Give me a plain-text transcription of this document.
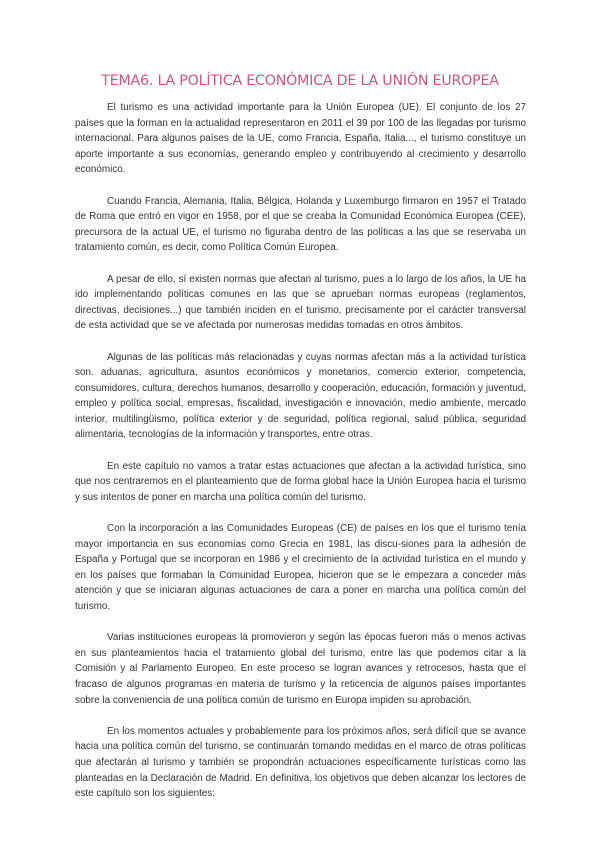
TEMA6. LA POLÍTICA ECONÓMICA DE LA UNIÓN EUROPEA

El turismo es una actividad importante para la Unión Europea (UE). El conjunto de los 27 países que la forman en la actualidad representaron en 2011 el 39 por 100 de las llegadas por turismo internacional. Para algunos países de la UE, como Francia, España, Italia..., el turismo constituye un aporte importante a sus economías, generando empleo y contribuyendo al crecimiento y desarrollo económico.

Cuando Francia, Alemania, Italia, Bélgica, Holanda y Luxemburgo firmaron en 1957 el Tratado de Roma que entró en vigor en 1958, por el que se creaba la Comunidad Económica Europea (CEE), precursora de la actual UE, el turismo no figuraba dentro de las políticas a las que se reservaba un tratamiento común, es decir, como Política Común Europea.

A pesar de ello, sí existen normas que afectan al turismo, pues a lo largo de los años, la UE ha ido implementando políticas comunes en las que se aprueban normas europeas (reglamentos, directivas, decisiones...) que también inciden en el turismo, precisamente por el carácter transversal de esta actividad que se ve afectada por numerosas medidas tomadas en otros ámbitos.

Algunas de las políticas más relacionadas y cuyas normas afectan más a la actividad turística son. aduanas, agricultura, asuntos económicos y monetarios, comercio exterior, competencia, consumidores, cultura, derechos humanos, desarrollo y cooperación, educación, formación y juventud, empleo y política social, empresas, fiscalidad, investigación e innovación, medio ambiente, mercado interior, multilingüismo, política exterior y de seguridad, política regional, salud pública, seguridad alimentaria, tecnologías de la información y transportes, entre otras.

En este capítulo no vamos a tratar estas actuaciones que afectan a la actividad turística, sino que nos centraremos en el planteamiento que de forma global hace la Unión Europea hacia el turismo y sus intentos de poner en marcha una política común del turismo.

Con la incorporación a las Comunidades Europeas (CE) de países en los que el turismo tenía mayor importancia en sus economías como Grecia en 1981, las discu-siones para la adhesión de España y Portugal que se incorporan en 1986 y el crecimiento de la actividad turística en el mundo y en los países que formaban la Comunidad Europea, hicieron que se le empezara a conceder más atención y que se iniciaran algunas actuaciones de cara a poner en marcha una política común del turismo.

Varias instituciones europeas la promovieron y según las épocas fueron más o menos activas en sus planteamientos hacia el tratamiento global del turismo, entre las que podemos citar a la Comisión y al Parlamento Europeo. En este proceso se logran avances y retrocesos, hasta que el fracaso de algunos programas en materia de turismo y la reticencia de algunos países importantes sobre la conveniencia de una política común de turismo en Europa impiden su aprobación.

En los momentos actuales y probablemente para los próximos años, será difícil que se avance hacia una política común del turismo, se continuarán tomando medidas en el marco de otras políticas que afectarán al turismo y también se propondrán actuaciones específicamente turísticas como las planteadas en la Declaración de Madrid. En definitiva, los objetivos que deben alcanzar los lectores de este capítulo son los siguientes:
